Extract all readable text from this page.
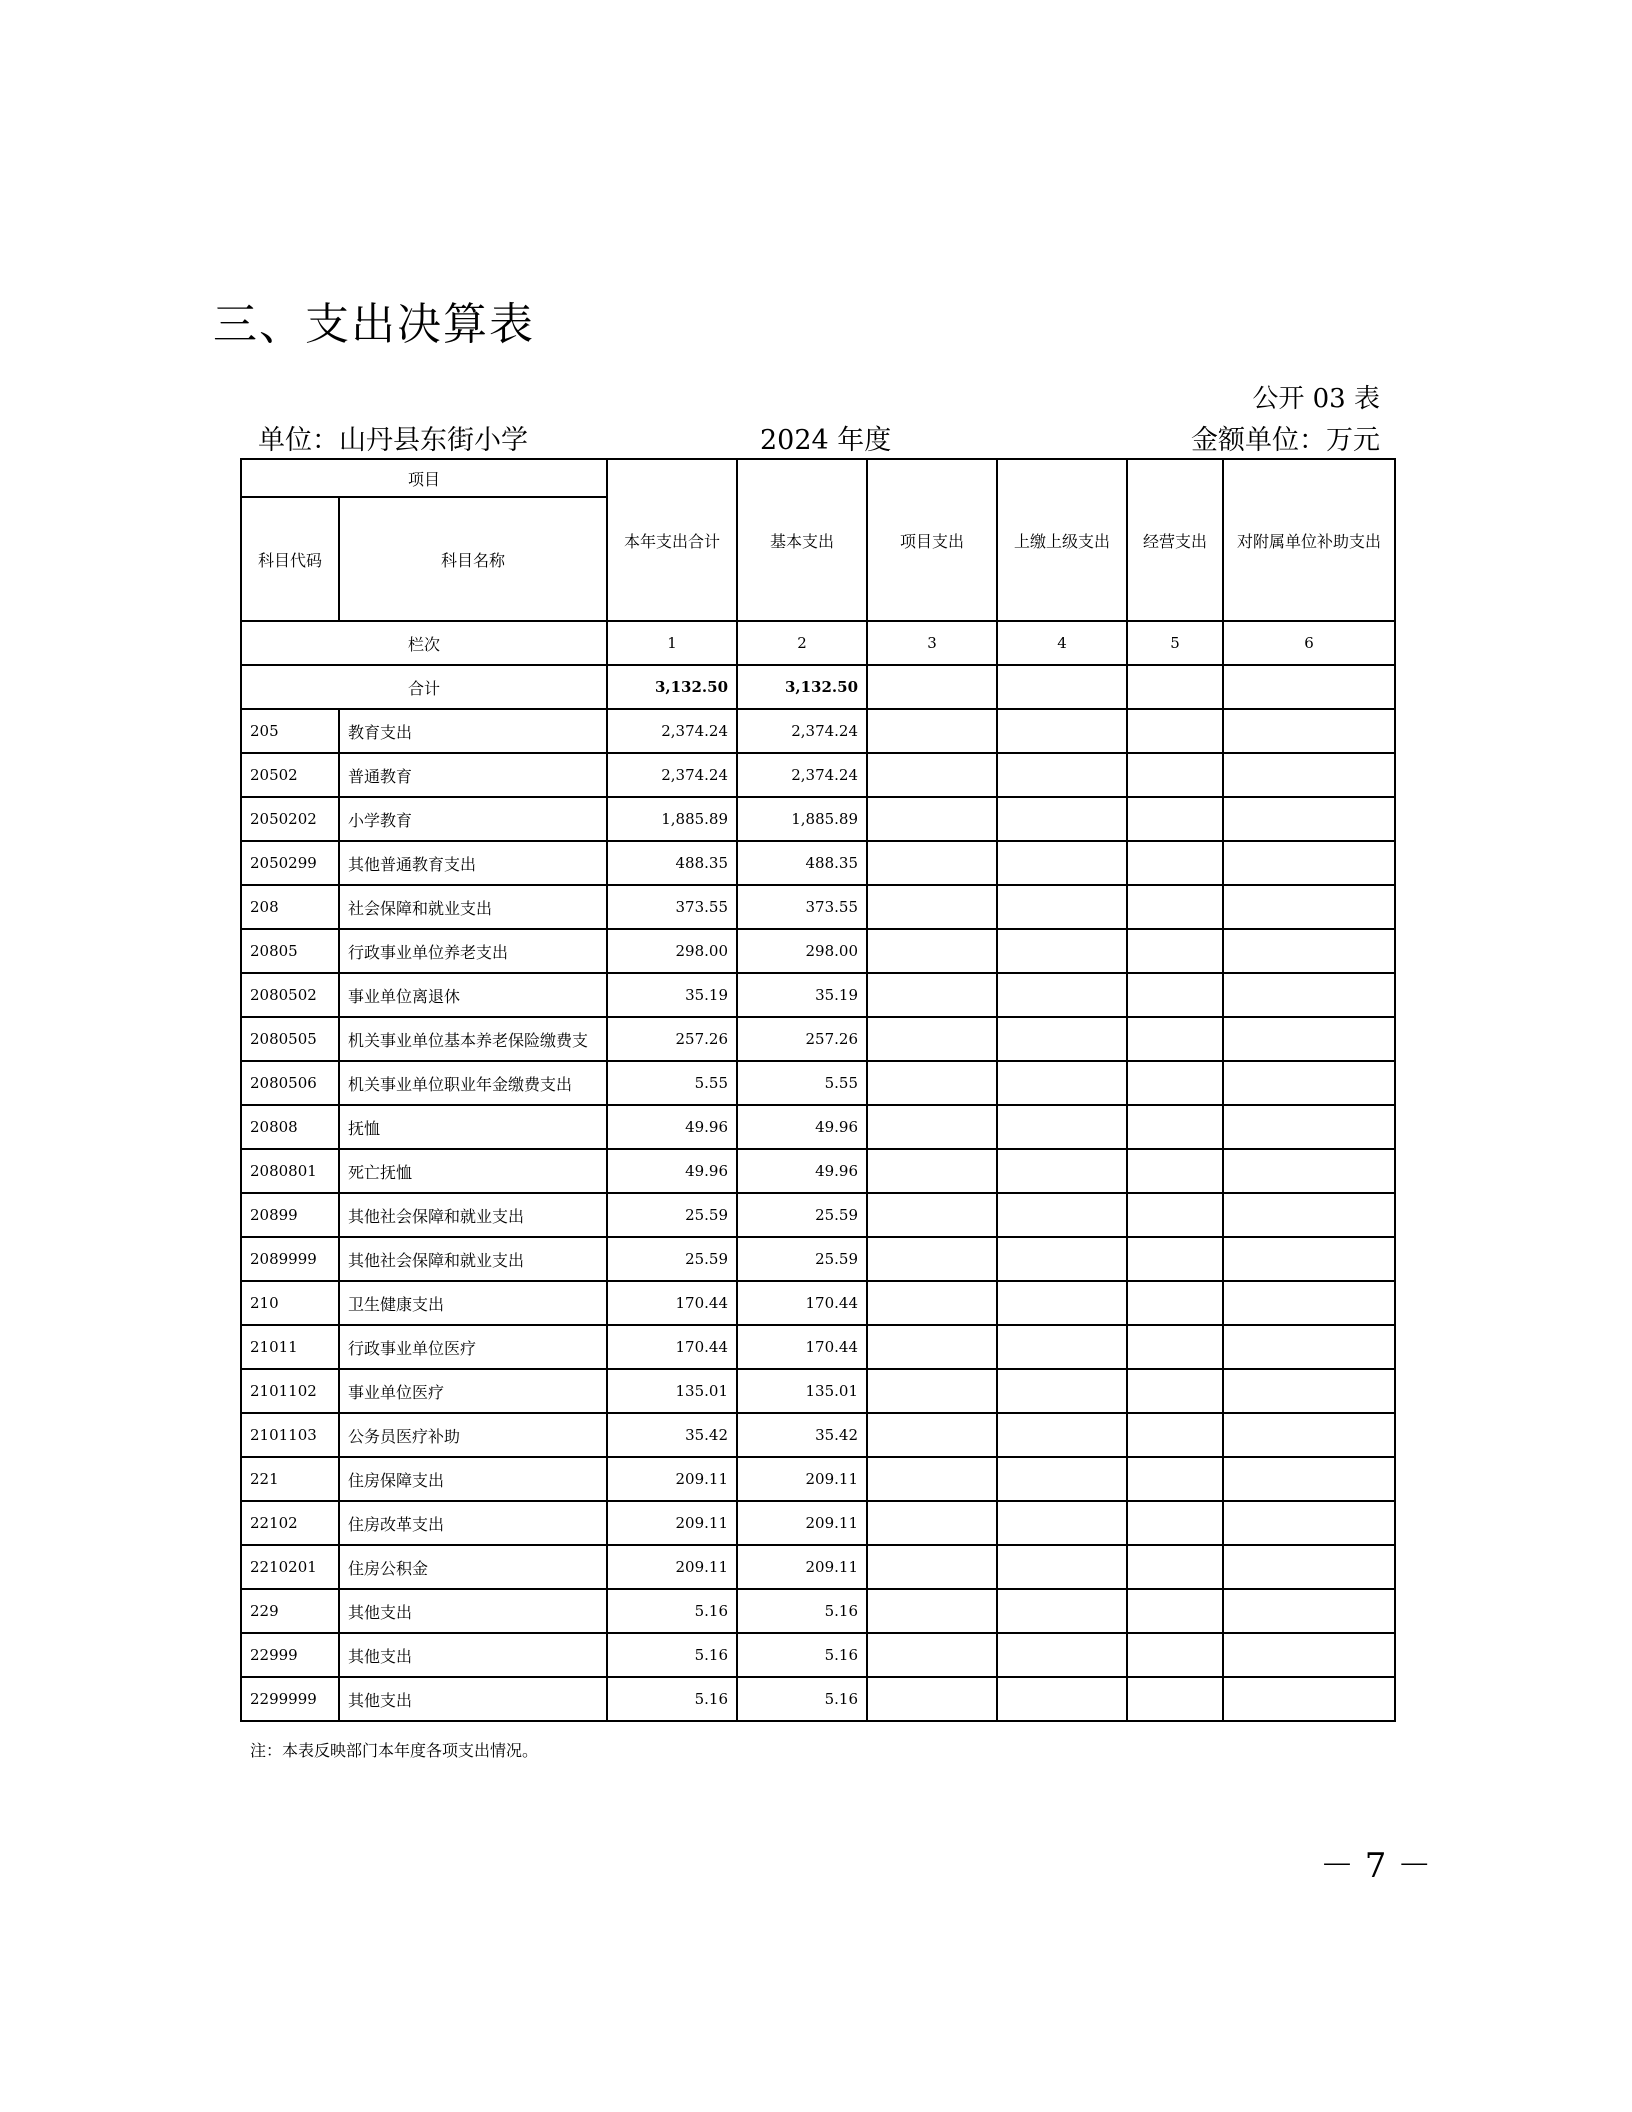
三、支出决算表
公开 03 表
单位：山丹县东街小学	2024 年度	金额单位：万元
项目		本年支出合计	基本支出	项目支出	上缴上级支出	经营支出	对附属单位补助支出
科目代码	科目名称						
栏次		1	2	3	4	5	6
合计		3,132.50	3,132.50				
205	教育支出	2,374.24	2,374.24				
20502	普通教育	2,374.24	2,374.24				
2050202	小学教育	1,885.89	1,885.89				
2050299	其他普通教育支出	488.35	488.35				
208	社会保障和就业支出	373.55	373.55				
20805	行政事业单位养老支出	298.00	298.00				
2080502	事业单位离退休	35.19	35.19				
2080505	机关事业单位基本养老保险缴费支	257.26	257.26				
2080506	机关事业单位职业年金缴费支出	5.55	5.55				
20808	抚恤	49.96	49.96				
2080801	死亡抚恤	49.96	49.96				
20899	其他社会保障和就业支出	25.59	25.59				
2089999	其他社会保障和就业支出	25.59	25.59				
210	卫生健康支出	170.44	170.44				
21011	行政事业单位医疗	170.44	170.44				
2101102	事业单位医疗	135.01	135.01				
2101103	公务员医疗补助	35.42	35.42				
221	住房保障支出	209.11	209.11				
22102	住房改革支出	209.11	209.11				
2210201	住房公积金	209.11	209.11				
229	其他支出	5.16	5.16				
22999	其他支出	5.16	5.16				
2299999	其他支出	5.16	5.16				
注：本表反映部门本年度各项支出情况。
－ 7 －
